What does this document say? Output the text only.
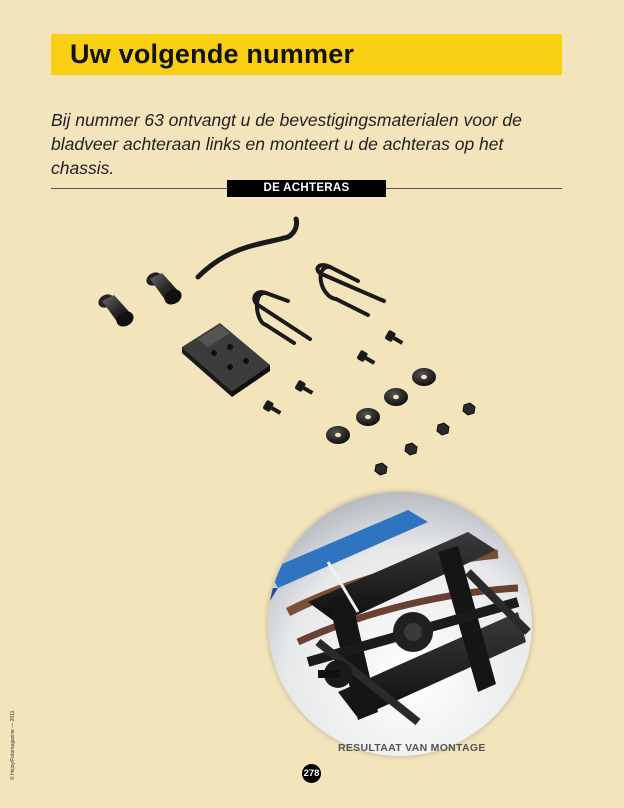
Uw volgende nummer

Bij nummer 63 ontvangt u de bevestigingsmaterialen voor de bladveer achteraan links en monteert u de achteras op het chassis.

DE ACHTERAS
RESULTAAT VAN MONTAGE
278
© Hejoy/Fotomagazine — 2011
